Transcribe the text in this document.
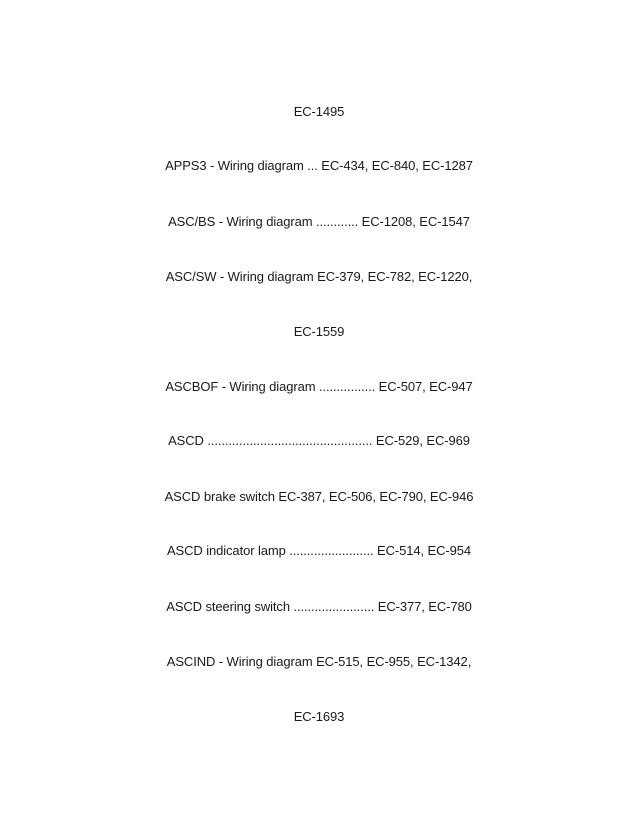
EC-1495
APPS3 - Wiring diagram ... EC-434, EC-840, EC-1287
ASC/BS - Wiring diagram ............ EC-1208, EC-1547
ASC/SW - Wiring diagram EC-379, EC-782, EC-1220,
EC-1559
ASCBOF - Wiring diagram ................ EC-507, EC-947
ASCD ............................................... EC-529, EC-969
ASCD brake switch EC-387, EC-506, EC-790, EC-946
ASCD indicator lamp ........................ EC-514, EC-954
ASCD steering switch ....................... EC-377, EC-780
ASCIND - Wiring diagram EC-515, EC-955, EC-1342,
EC-1693
